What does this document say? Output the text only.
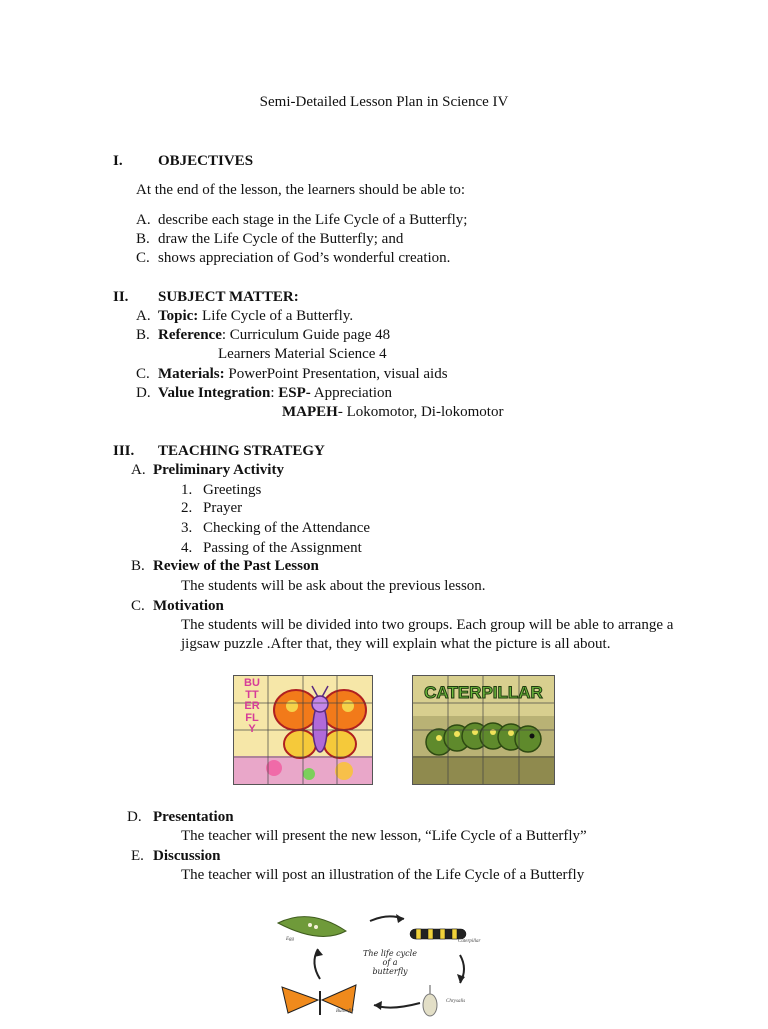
Semi-Detailed Lesson Plan in Science IV
I. OBJECTIVES
At the end of the lesson, the learners should be able to:
A. describe each stage in the Life Cycle of a Butterfly;
B. draw the Life Cycle of the Butterfly; and
C. shows appreciation of God’s wonderful creation.
II. SUBJECT MATTER:
A. Topic: Life Cycle of a Butterfly.
B. Reference: Curriculum Guide page 48
Learners Material Science 4
C. Materials: PowerPoint Presentation, visual aids
D. Value Integration: ESP- Appreciation
MAPEH- Lokomotor, Di-lokomotor
III. TEACHING STRATEGY
A. Preliminary Activity
1. Greetings
2. Prayer
3. Checking of the Attendance
4. Passing of the Assignment
B. Review of the Past Lesson
The students will be ask about the previous lesson.
C. Motivation
The students will be divided into two groups. Each group will be able to arrange a
jigsaw puzzle .After that, they will explain what the picture is all about.
BUTTERFLY
CATERPILLAR
D. Presentation
The teacher will present the new lesson, “Life Cycle of a Butterfly”
E. Discussion
The teacher will post an illustration of the Life Cycle of a Butterfly
The life cycle
of a
butterfly
Egg	Caterpillar
Chrysalis
Butterfly
